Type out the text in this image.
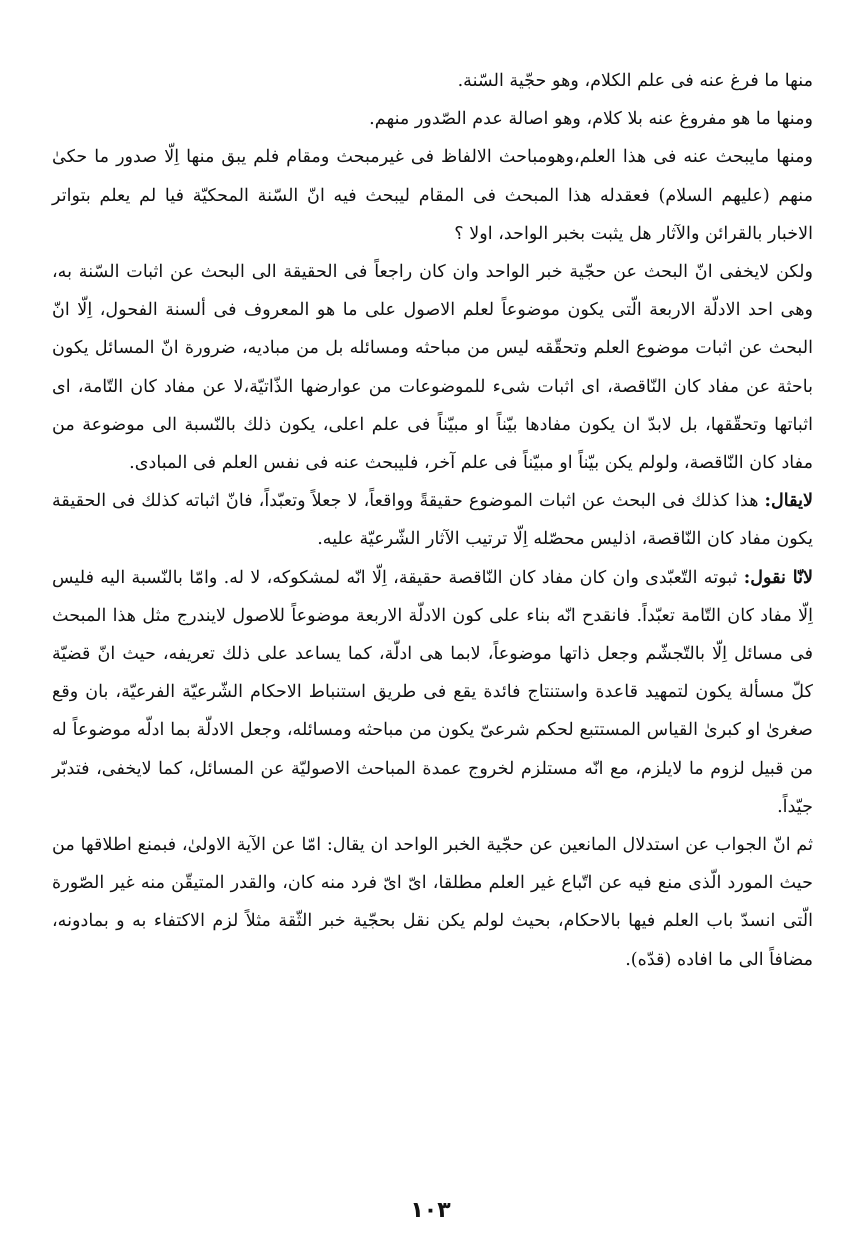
منها ما فرغ عنه فى علم الكلام، وهو حجّية السّنة.

ومنها ما هو مفروغ عنه بلا كلام، وهو اصالة عدم الصّدور منهم.

ومنها مايبحث عنه فى هذا العلم،وهومباحث الالفاظ فى غيرمبحث ومقام فلم يبق منها اِلّا صدور ما حكىٰ منهم (عليهم السلام) فعقدله هذا المبحث فى المقام ليبحث فيه انّ السّنة المحكيّة فيا لم يعلم بتواتر الاخبار بالقرائن والآثار هل يثبت بخبر الواحد، اولا ؟

ولكن لايخفى انّ البحث عن حجّية خبر الواحد وان كان راجعاً فى الحقيقة الى البحث عن اثبات السّنة به، وهى احد الادلّة الاربعة الّتى يكون موضوعاً لعلم الاصول على ما هو المعروف فى ألسنة الفحول، اِلّا انّ البحث عن اثبات موضوع العلم وتحقّقه ليس من مباحثه ومسائله بل من مباديه، ضرورة انّ المسائل يكون باحثة عن مفاد كان النّاقصة، اى اثبات شىء للموضوعات من عوارضها الذّاتيّة،لا عن مفاد كان التّامة، اى اثباتها وتحقّقها، بل لابدّ ان يكون مفادها بيّناً او مبيّناً فى علم اعلى، يكون ذلك بالنّسبة الى موضوعة من مفاد كان النّاقصة، ولولم يكن بيّناً او مبيّناً فى علم آخر، فليبحث عنه فى نفس العلم فى المبادى.

لايقال: هذا كذلك فى البحث عن اثبات الموضوع حقيقةً وواقعاً، لا جعلاً وتعبّداً، فانّ اثباته كذلك فى الحقيقة يكون مفاد كان النّاقصة، اذليس محصّله اِلّا ترتيب الآثار الشّرعيّة عليه.

لانّا نقول: ثبوته التّعبّدى وان كان مفاد كان النّاقصة حقيقة، اِلّا انّه لمشكوكه، لا له. وامّا بالنّسبة اليه فليس اِلّا مفاد كان التّامة تعبّداً. فانقدح انّه بناء على كون الادلّة الاربعة موضوعاً للاصول لايندرج مثل هذا المبحث فى مسائل اِلّا بالتّجشّم وجعل ذاتها موضوعاً، لابما هى ادلّة، كما يساعد على ذلك تعريفه، حيث انّ قضيّة كلّ مسألة يكون لتمهيد قاعدة واستنتاج فائدة يقع فى طريق استنباط الاحكام الشّرعيّة الفرعيّة، بان وقع صغرىٰ او كبرىٰ القياس المستتبع لحكم شرعىّ يكون من مباحثه ومسائله، وجعل الادلّة بما ادلّه موضوعاً له من قبيل لزوم ما لايلزم، مع انّه مستلزم لخروج عمدة المباحث الاصوليّة عن المسائل، كما لايخفى، فتدبّر جيّداً.

ثم انّ الجواب عن استدلال المانعين عن حجّية الخبر الواحد ان يقال: امّا عن الآية الاولىٰ، فبمنع اطلاقها من حيث المورد الّذى منع فيه عن اتّباع غير العلم مطلقا، اىّ اىّ فرد منه كان، والقدر المتيقّن منه غير الصّورة الّتى انسدّ باب العلم فيها بالاحكام، بحيث لولم يكن نقل بحجّية خبر الثّقة مثلاً لزم الاكتفاء به و بمادونه، مضافاً الى ما افاده (قدّه).

١٠٣
